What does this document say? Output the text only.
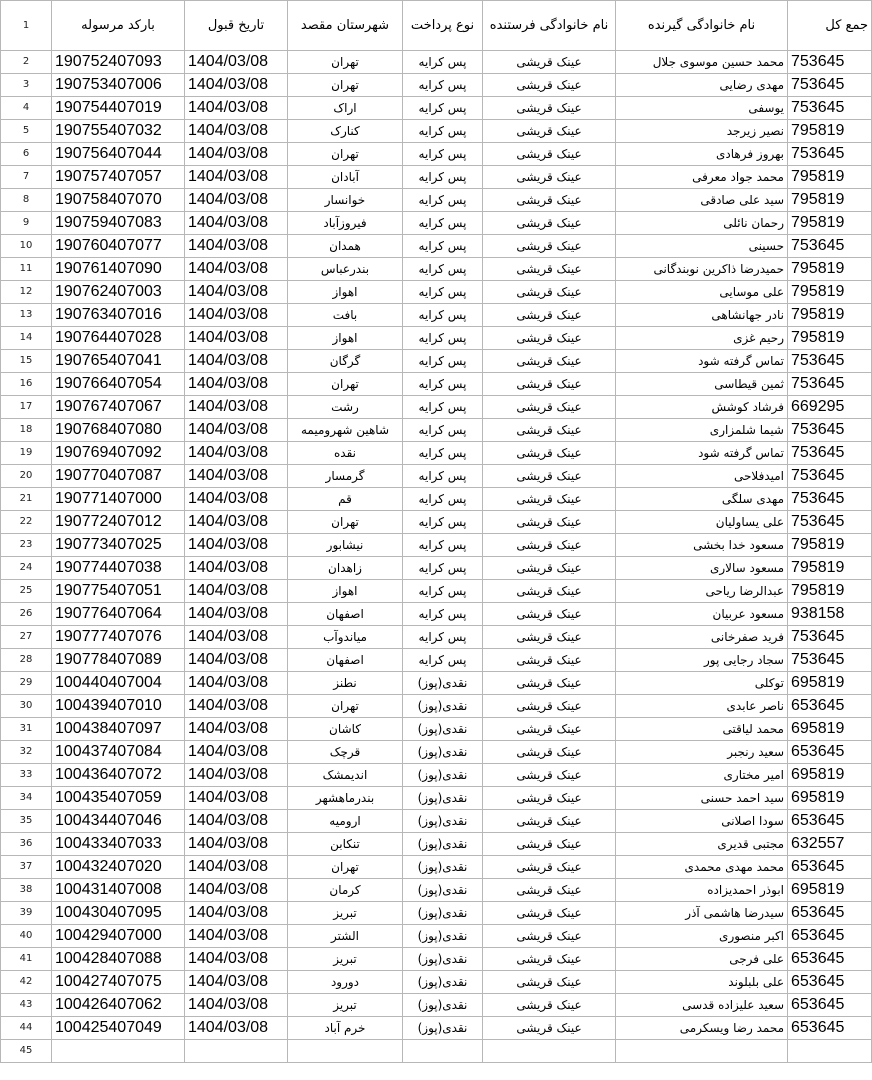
1	بارکد مرسوله	تاریخ قبول	شهرستان مقصد	نوع پرداخت	نام خانوادگی فرستنده	نام خانوادگی گیرنده	جمع کل
2	190752407093	1404/03/08	تهران	پس کرایه	عینک قریشی	محمد حسین موسوی جلال	753645
3	190753407006	1404/03/08	تهران	پس کرایه	عینک قریشی	مهدی رضایی	753645
4	190754407019	1404/03/08	اراک	پس کرایه	عینک قریشی	یوسفی	753645
5	190755407032	1404/03/08	کنارک	پس کرایه	عینک قریشی	نصیر زیرجد	795819
6	190756407044	1404/03/08	تهران	پس کرایه	عینک قریشی	بهروز فرهادی	753645
7	190757407057	1404/03/08	آبادان	پس کرایه	عینک قریشی	محمد جواد معرفی	795819
8	190758407070	1404/03/08	خوانسار	پس کرایه	عینک قریشی	سید علی صادقی	795819
9	190759407083	1404/03/08	فیروزآباد	پس کرایه	عینک قریشی	رحمان نائلی	795819
10	190760407077	1404/03/08	همدان	پس کرایه	عینک قریشی	حسینی	753645
11	190761407090	1404/03/08	بندرعباس	پس کرایه	عینک قریشی	حمیدرضا ذاکرین نوبندگانی	795819
12	190762407003	1404/03/08	اهواز	پس کرایه	عینک قریشی	علی موسایی	795819
13	190763407016	1404/03/08	بافت	پس کرایه	عینک قریشی	نادر جهانشاهی	795819
14	190764407028	1404/03/08	اهواز	پس کرایه	عینک قریشی	رحیم غزی	795819
15	190765407041	1404/03/08	گرگان	پس کرایه	عینک قریشی	تماس گرفته شود	753645
16	190766407054	1404/03/08	تهران	پس کرایه	عینک قریشی	ثمین قیطاسی	753645
17	190767407067	1404/03/08	رشت	پس کرایه	عینک قریشی	فرشاد کوشش	669295
18	190768407080	1404/03/08	شاهین شهروميمه	پس کرایه	عینک قریشی	شیما شلمزاری	753645
19	190769407092	1404/03/08	نقده	پس کرایه	عینک قریشی	تماس گرفته شود	753645
20	190770407087	1404/03/08	گرمسار	پس کرایه	عینک قریشی	امیدفلاحی	753645
21	190771407000	1404/03/08	قم	پس کرایه	عینک قریشی	مهدی سلگی	753645
22	190772407012	1404/03/08	تهران	پس کرایه	عینک قریشی	علی یساولیان	753645
23	190773407025	1404/03/08	نیشابور	پس کرایه	عینک قریشی	مسعود خدا بخشی	795819
24	190774407038	1404/03/08	زاهدان	پس کرایه	عینک قریشی	مسعود سالاری	795819
25	190775407051	1404/03/08	اهواز	پس کرایه	عینک قریشی	عبدالرضا ریاحی	795819
26	190776407064	1404/03/08	اصفهان	پس کرایه	عینک قریشی	مسعود عربیان	938158
27	190777407076	1404/03/08	میاندوآب	پس کرایه	عینک قریشی	فرید صفرخانی	753645
28	190778407089	1404/03/08	اصفهان	پس کرایه	عینک قریشی	سجاد رجایی پور	753645
29	100440407004	1404/03/08	نطنز	نقدی(پوز)	عینک قریشی	توکلی	695819
30	100439407010	1404/03/08	تهران	نقدی(پوز)	عینک قریشی	ناصر عابدی	653645
31	100438407097	1404/03/08	کاشان	نقدی(پوز)	عینک قریشی	محمد لیاقتی	695819
32	100437407084	1404/03/08	قرچک	نقدی(پوز)	عینک قریشی	سعید رنجبر	653645
33	100436407072	1404/03/08	اندیمشک	نقدی(پوز)	عینک قریشی	امیر مختاری	695819
34	100435407059	1404/03/08	بندرماهشهر	نقدی(پوز)	عینک قریشی	سید احمد حسنی	695819
35	100434407046	1404/03/08	ارومیه	نقدی(پوز)	عینک قریشی	سودا اصلانی	653645
36	100433407033	1404/03/08	تنکابن	نقدی(پوز)	عینک قریشی	مجتبی قدیری	632557
37	100432407020	1404/03/08	تهران	نقدی(پوز)	عینک قریشی	محمد مهدی محمدی	653645
38	100431407008	1404/03/08	کرمان	نقدی(پوز)	عینک قریشی	ابوذر احمدیزاده	695819
39	100430407095	1404/03/08	تبریز	نقدی(پوز)	عینک قریشی	سیدرضا هاشمی آذر	653645
40	100429407000	1404/03/08	الشتر	نقدی(پوز)	عینک قریشی	اکبر منصوری	653645
41	100428407088	1404/03/08	تبریز	نقدی(پوز)	عینک قریشی	علی فرجی	653645
42	100427407075	1404/03/08	دورود	نقدی(پوز)	عینک قریشی	علی بلبلوند	653645
43	100426407062	1404/03/08	تبریز	نقدی(پوز)	عینک قریشی	سعید علیزاده قدسی	653645
44	100425407049	1404/03/08	خرم آباد	نقدی(پوز)	عینک قریشی	محمد رضا ویسکرمی	653645
45							
